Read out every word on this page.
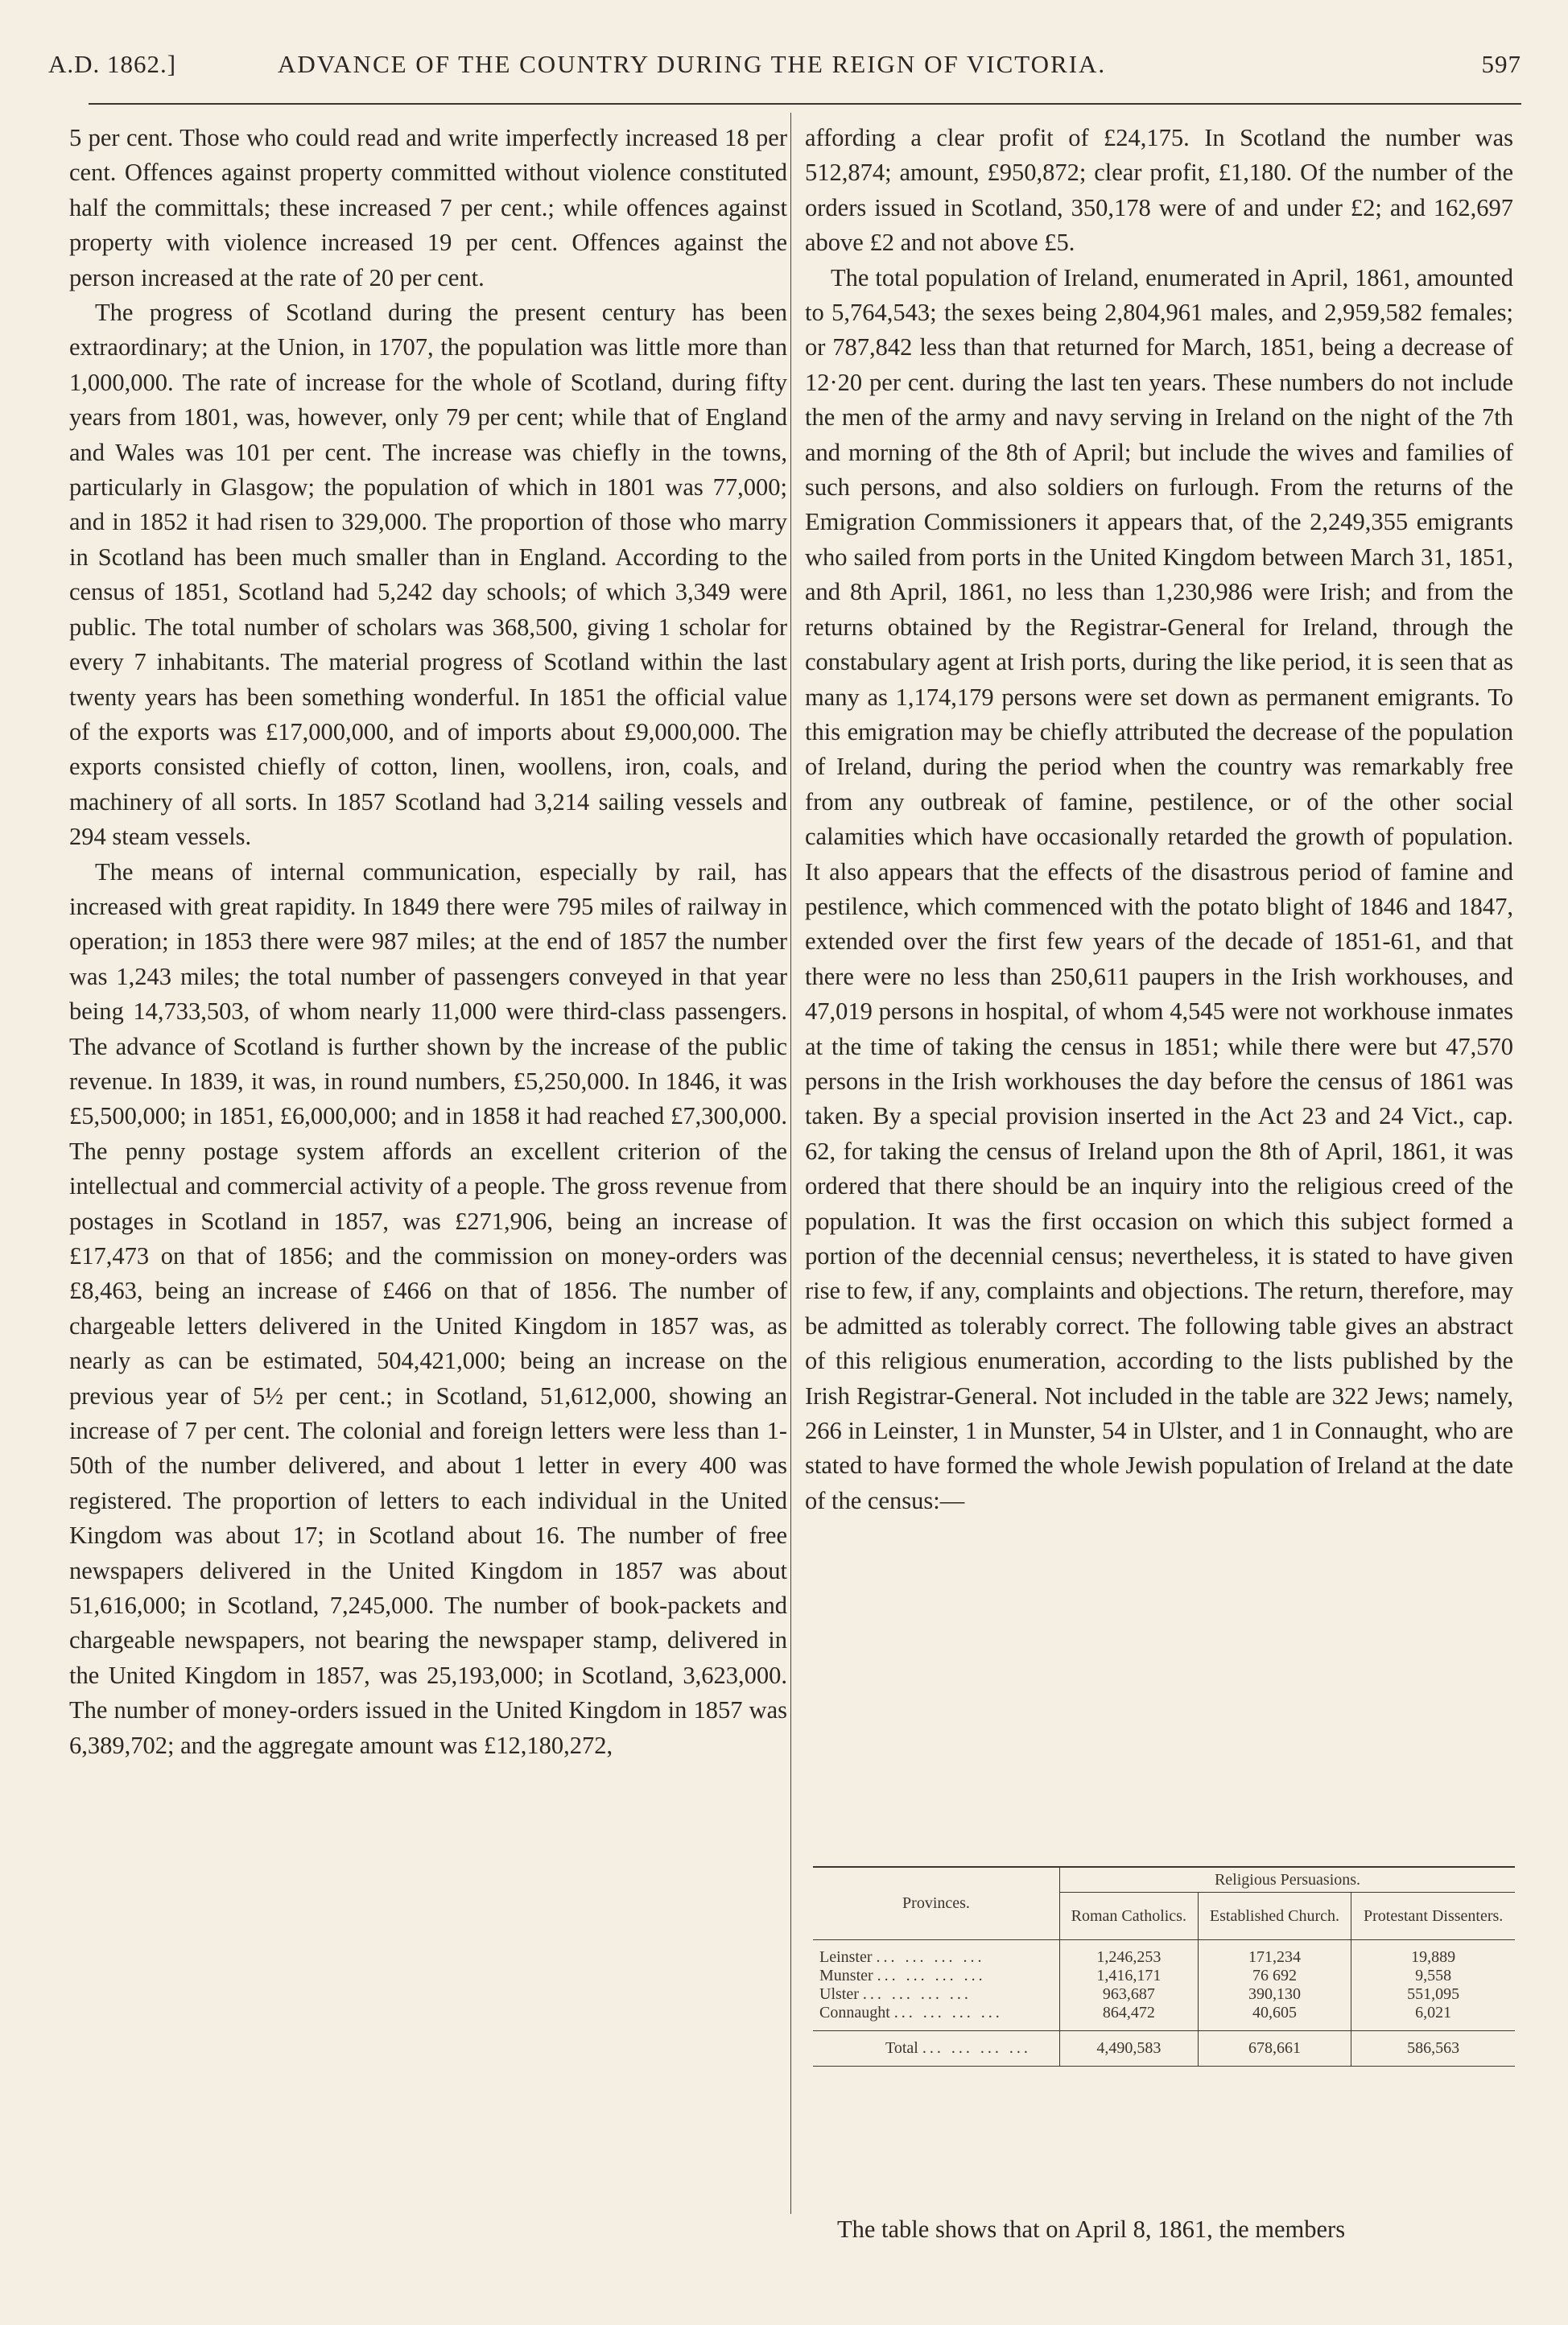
A.D. 1862.]	ADVANCE OF THE COUNTRY DURING THE REIGN OF VICTORIA.	597

5 per cent. Those who could read and write imperfectly increased 18 per cent. Offences against property committed without violence constituted half the committals; these increased 7 per cent.; while offences against property with violence increased 19 per cent. Offences against the person increased at the rate of 20 per cent.

The progress of Scotland during the present century has been extraordinary; at the Union, in 1707, the population was little more than 1,000,000. The rate of increase for the whole of Scotland, during fifty years from 1801, was, however, only 79 per cent; while that of England and Wales was 101 per cent. The increase was chiefly in the towns, particularly in Glasgow; the population of which in 1801 was 77,000; and in 1852 it had risen to 329,000. The proportion of those who marry in Scotland has been much smaller than in England. According to the census of 1851, Scotland had 5,242 day schools; of which 3,349 were public. The total number of scholars was 368,500, giving 1 scholar for every 7 inhabitants. The material progress of Scotland within the last twenty years has been something wonderful. In 1851 the official value of the exports was £17,000,000, and of imports about £9,000,000. The exports consisted chiefly of cotton, linen, woollens, iron, coals, and machinery of all sorts. In 1857 Scotland had 3,214 sailing vessels and 294 steam vessels.

The means of internal communication, especially by rail, has increased with great rapidity. In 1849 there were 795 miles of railway in operation; in 1853 there were 987 miles; at the end of 1857 the number was 1,243 miles; the total number of passengers conveyed in that year being 14,733,503, of whom nearly 11,000 were third-class passengers. The advance of Scotland is further shown by the increase of the public revenue. In 1839, it was, in round numbers, £5,250,000. In 1846, it was £5,500,000; in 1851, £6,000,000; and in 1858 it had reached £7,300,000. The penny postage system affords an excellent criterion of the intellectual and commercial activity of a people. The gross revenue from postages in Scotland in 1857, was £271,906, being an increase of £17,473 on that of 1856; and the commission on money-orders was £8,463, being an increase of £466 on that of 1856. The number of chargeable letters delivered in the United Kingdom in 1857 was, as nearly as can be estimated, 504,421,000; being an increase on the previous year of 5½ per cent.; in Scotland, 51,612,000, showing an increase of 7 per cent. The colonial and foreign letters were less than 1-50th of the number delivered, and about 1 letter in every 400 was registered. The proportion of letters to each individual in the United Kingdom was about 17; in Scotland about 16. The number of free newspapers delivered in the United Kingdom in 1857 was about 51,616,000; in Scotland, 7,245,000. The number of book-packets and chargeable newspapers, not bearing the newspaper stamp, delivered in the United Kingdom in 1857, was 25,193,000; in Scotland, 3,623,000. The number of money-orders issued in the United Kingdom in 1857 was 6,389,702; and the aggregate amount was £12,180,272,

affording a clear profit of £24,175. In Scotland the number was 512,874; amount, £950,872; clear profit, £1,180. Of the number of the orders issued in Scotland, 350,178 were of and under £2; and 162,697 above £2 and not above £5.

The total population of Ireland, enumerated in April, 1861, amounted to 5,764,543; the sexes being 2,804,961 males, and 2,959,582 females; or 787,842 less than that returned for March, 1851, being a decrease of 12·20 per cent. during the last ten years. These numbers do not include the men of the army and navy serving in Ireland on the night of the 7th and morning of the 8th of April; but include the wives and families of such persons, and also soldiers on furlough. From the returns of the Emigration Commissioners it appears that, of the 2,249,355 emigrants who sailed from ports in the United Kingdom between March 31, 1851, and 8th April, 1861, no less than 1,230,986 were Irish; and from the returns obtained by the Registrar-General for Ireland, through the constabulary agent at Irish ports, during the like period, it is seen that as many as 1,174,179 persons were set down as permanent emigrants. To this emigration may be chiefly attributed the decrease of the population of Ireland, during the period when the country was remarkably free from any outbreak of famine, pestilence, or of the other social calamities which have occasionally retarded the growth of population. It also appears that the effects of the disastrous period of famine and pestilence, which commenced with the potato blight of 1846 and 1847, extended over the first few years of the decade of 1851-61, and that there were no less than 250,611 paupers in the Irish workhouses, and 47,019 persons in hospital, of whom 4,545 were not workhouse inmates at the time of taking the census in 1851; while there were but 47,570 persons in the Irish workhouses the day before the census of 1861 was taken. By a special provision inserted in the Act 23 and 24 Vict., cap. 62, for taking the census of Ireland upon the 8th of April, 1861, it was ordered that there should be an inquiry into the religious creed of the population. It was the first occasion on which this subject formed a portion of the decennial census; nevertheless, it is stated to have given rise to few, if any, complaints and objections. The return, therefore, may be admitted as tolerably correct. The following table gives an abstract of this religious enumeration, according to the lists published by the Irish Registrar-General. Not included in the table are 322 Jews; namely, 266 in Leinster, 1 in Munster, 54 in Ulster, and 1 in Connaught, who are stated to have formed the whole Jewish population of Ireland at the date of the census:—

Provinces.	Religious Persuasions.		
	Roman Catholics.	Established Church.	Protestant Dissenters.
Leinster ... ... ... ...	1,246,253	171,234	19,889
Munster ... ... ... ...	1,416,171	76 692	9,558
Ulster ... ... ... ...	963,687	390,130	551,095
Connaught ... ... ... ...	864,472	40,605	6,021
Total ... ... ... ...	4,490,583	678,661	586,563
The table shows that on April 8, 1861, the members
